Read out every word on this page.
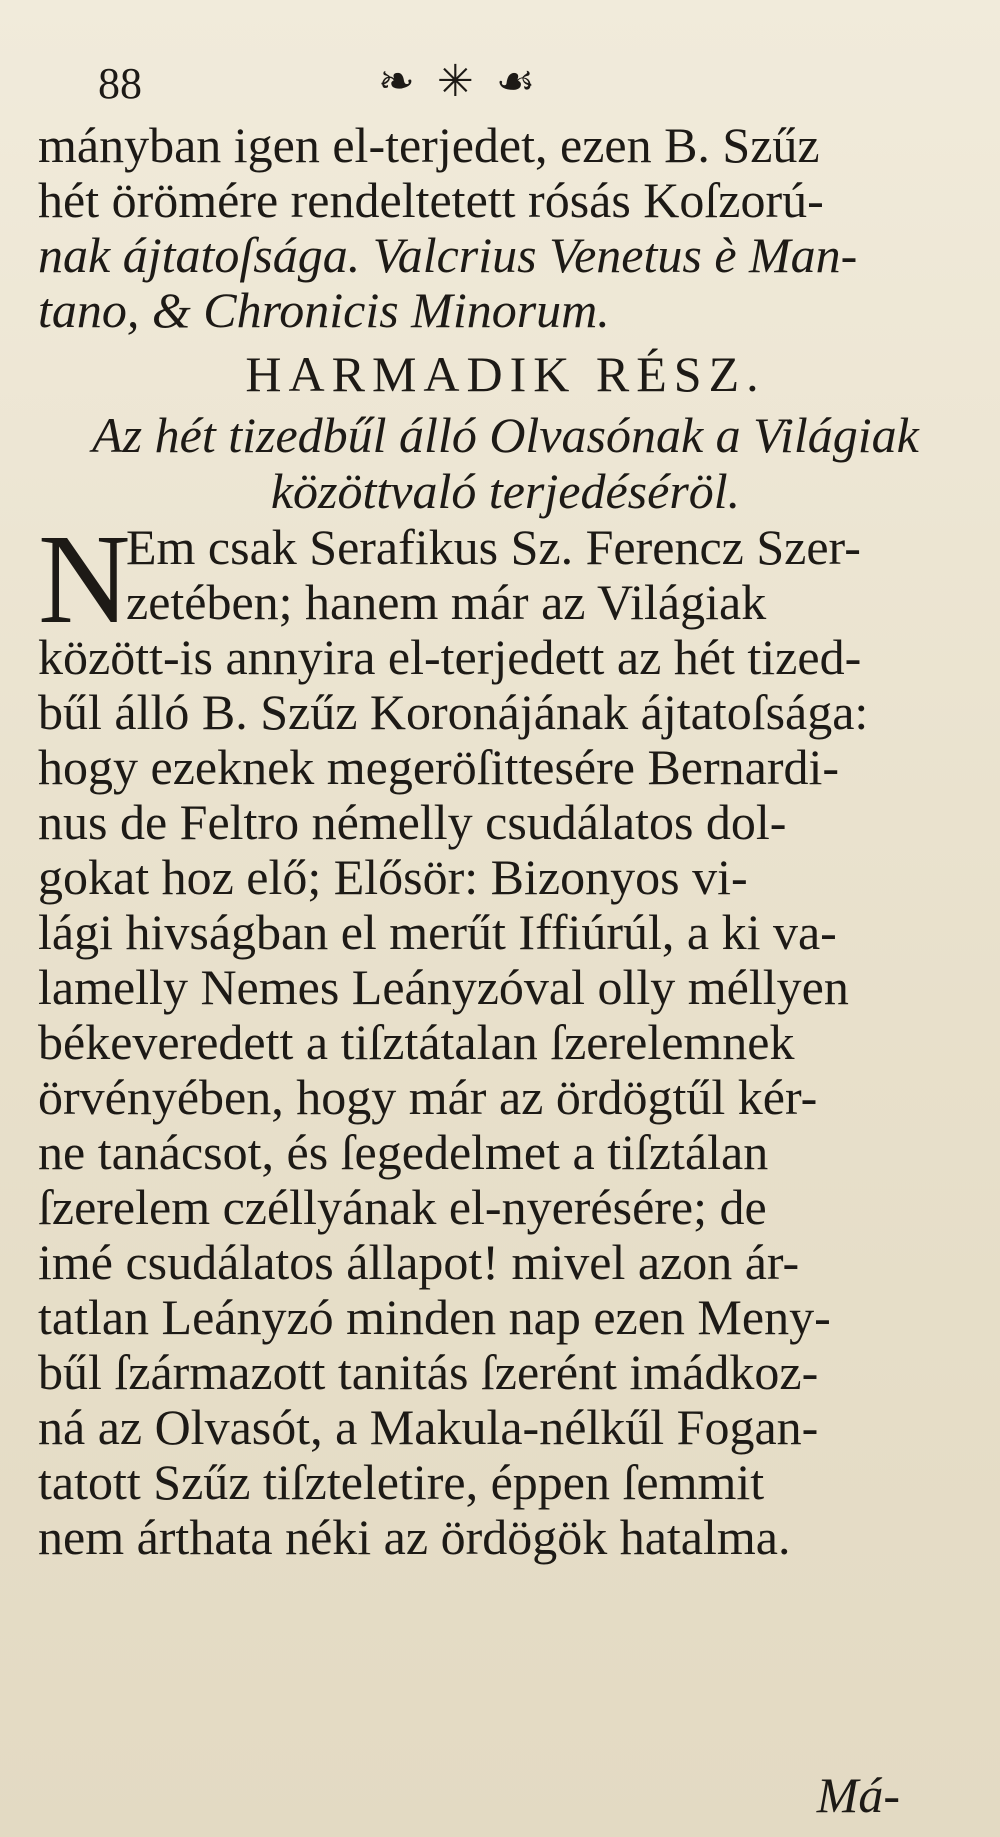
88	❧ ✳ ☙
mányban igen el-terjedet, ezen B. Szűz
hét örömére rendeltetett rósás Koſzorú-
nak ájtatoſsága. Valcrius Venetus è Man-
tano, & Chronicis Minorum.
HARMADIK RÉSZ.
Az hét tizedbűl álló Olvasónak a Világiak
közöttvaló terjedéséröl.
N
Em csak Serafikus Sz. Ferencz Szer-
zetében; hanem már az Világiak
között-is annyira el-terjedett az hét tized-
bűl álló B. Szűz Koronájának ájtatoſsága:
hogy ezeknek megeröſittesére Bernardi-
nus de Feltro némelly csudálatos dol-
gokat hoz elő; Elősör: Bizonyos vi-
lági hivságban el merűt Iffiúrúl, a ki va-
lamelly Nemes Leányzóval olly méllyen
békeveredett a tiſztátalan ſzerelemnek
örvényében, hogy már az ördögtűl kér-
ne tanácsot, és ſegedelmet a tiſztálan
ſzerelem czéllyának el-nyerésére; de
imé csudálatos állapot! mivel azon ár-
tatlan Leányzó minden nap ezen Meny-
bűl ſzármazott tanitás ſzerént imádkoz-
ná az Olvasót, a Makula-nélkűl Fogan-
tatott Szűz tiſzteletire, éppen ſemmit
nem árthata néki az ördögök hatalma.
Má-
